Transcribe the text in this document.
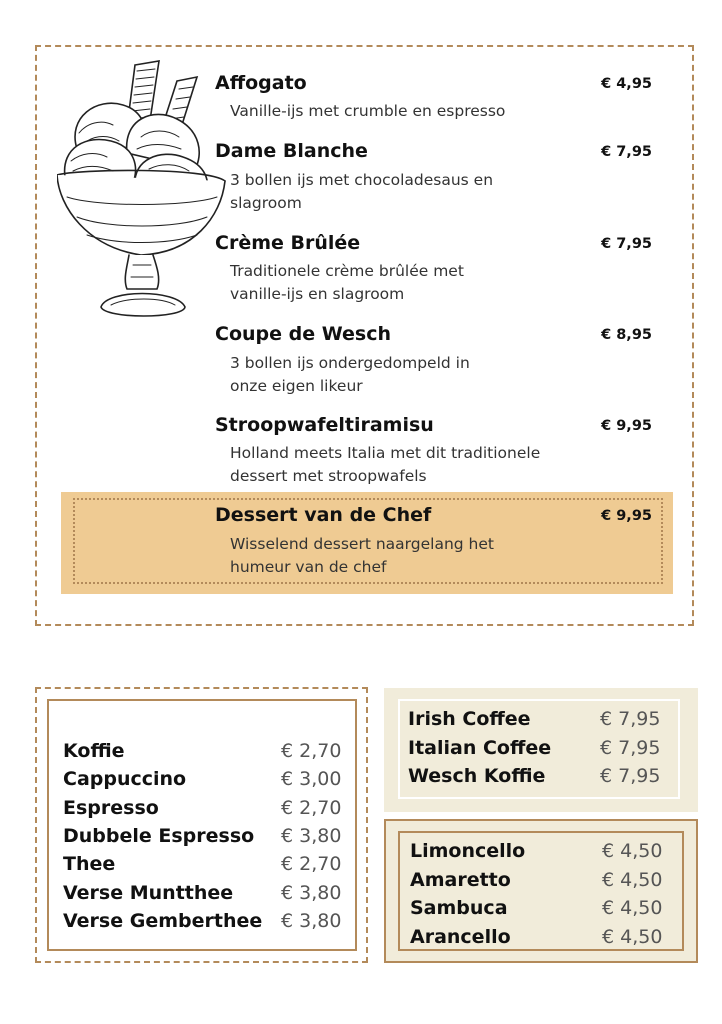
Affogato	€ 4,95
Vanille-ijs met crumble en espresso
Dame Blanche	€ 7,95
3 bollen ijs met chocoladesaus en slagroom
Crème Brûlée	€ 7,95
Traditionele crème brûlée met vanille-ijs en slagroom
Coupe de Wesch	€ 8,95
3 bollen ijs ondergedompeld in onze eigen likeur
Stroopwafeltiramisu	€ 9,95
Holland meets Italia met dit traditionele dessert met stroopwafels
Dessert van de Chef	€ 9,95
Wisselend dessert naargelang het humeur van de chef
Koffie	€ 2,70
Cappuccino	€ 3,00
Espresso	€ 2,70
Dubbele Espresso € 3,80
Thee	€ 2,70
Verse Muntthee	€ 3,80
Verse Gemberthee € 3,80
Irish Coffee	€ 7,95
Italian Coffee	€ 7,95
Wesch Koffie	€ 7,95
Limoncello	€ 4,50
Amaretto	€ 4,50
Sambuca	€ 4,50
Arancello	€ 4,50
